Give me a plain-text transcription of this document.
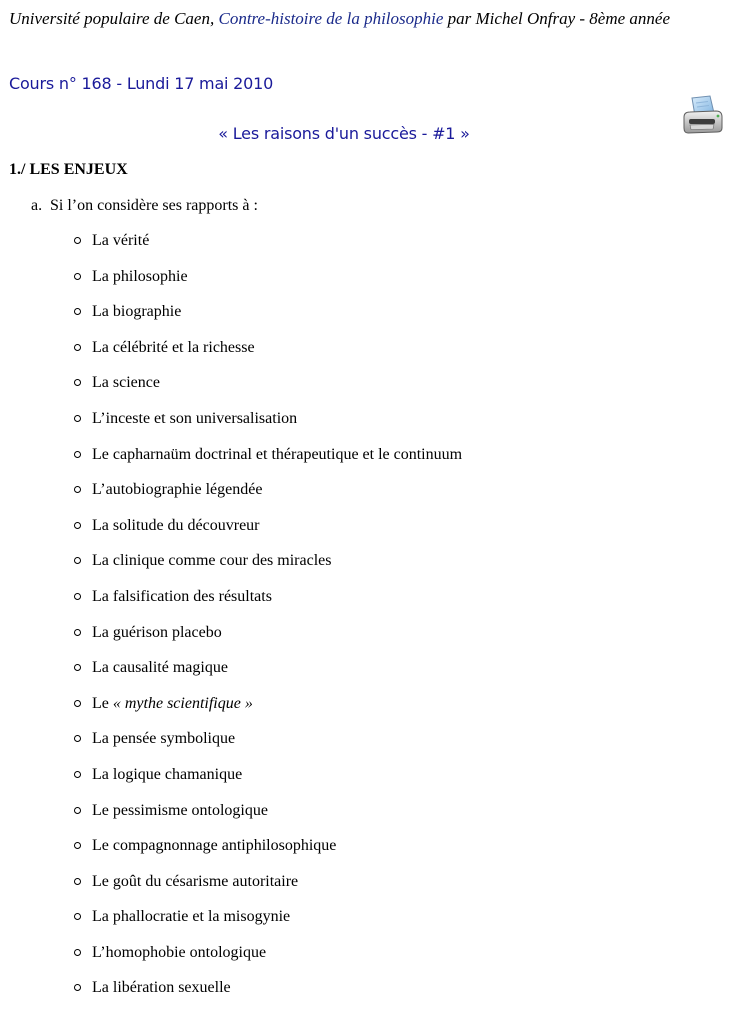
Université populaire de Caen, Contre-histoire de la philosophie par Michel Onfray - 8ème année
Cours n° 168 - Lundi 17 mai 2010
« Les raisons d'un succès - #1 »
1./ LES ENJEUX
a. Si l’on considère ses rapports à :
La vérité
La philosophie
La biographie
La célébrité et la richesse
La science
L’inceste et son universalisation
Le capharnaüm doctrinal et thérapeutique et le continuum
L’autobiographie légendée
La solitude du découvreur
La clinique comme cour des miracles
La falsification des résultats
La guérison placebo
La causalité magique
Le « mythe scientifique »
La pensée symbolique
La logique chamanique
Le pessimisme ontologique
Le compagnonnage antiphilosophique
Le goût du césarisme autoritaire
La phallocratie et la misogynie
L’homophobie ontologique
La libération sexuelle
